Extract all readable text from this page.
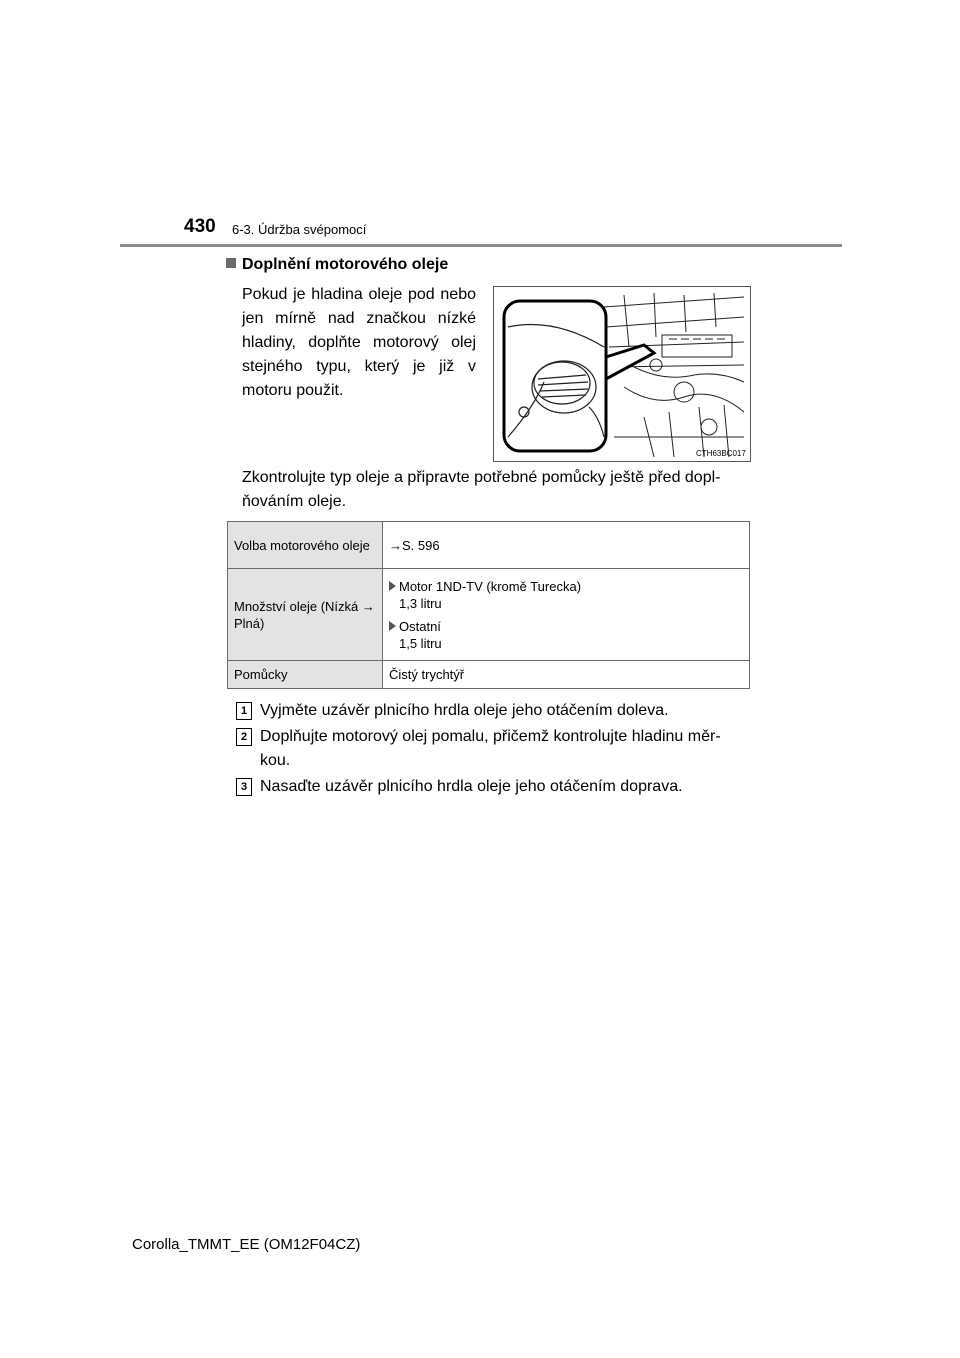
430 6-3. Údržba svépomocí
Doplnění motorového oleje
Pokud je hladina oleje pod nebo jen mírně nad značkou nízké hladiny, doplňte motorový olej stejného typu, který je již v motoru použit.
CTH63BC017
Zkontrolujte typ oleje a připravte potřebné pomůcky ještě před dopl-ňováním oleje.
Volba motorového oleje	→S. 596
Množství oleje (Nízká → Plná)	Motor 1ND-TV (kromě Turecka)
1,3 litru
Ostatní
1,5 litru

Pomůcky	Čistý trychtýř
1 Vyjměte uzávěr plnicího hrdla oleje jeho otáčením doleva.
2 Doplňujte motorový olej pomalu, přičemž kontrolujte hladinu měr-kou.
3 Nasaďte uzávěr plnicího hrdla oleje jeho otáčením doprava.
Corolla_TMMT_EE (OM12F04CZ)
